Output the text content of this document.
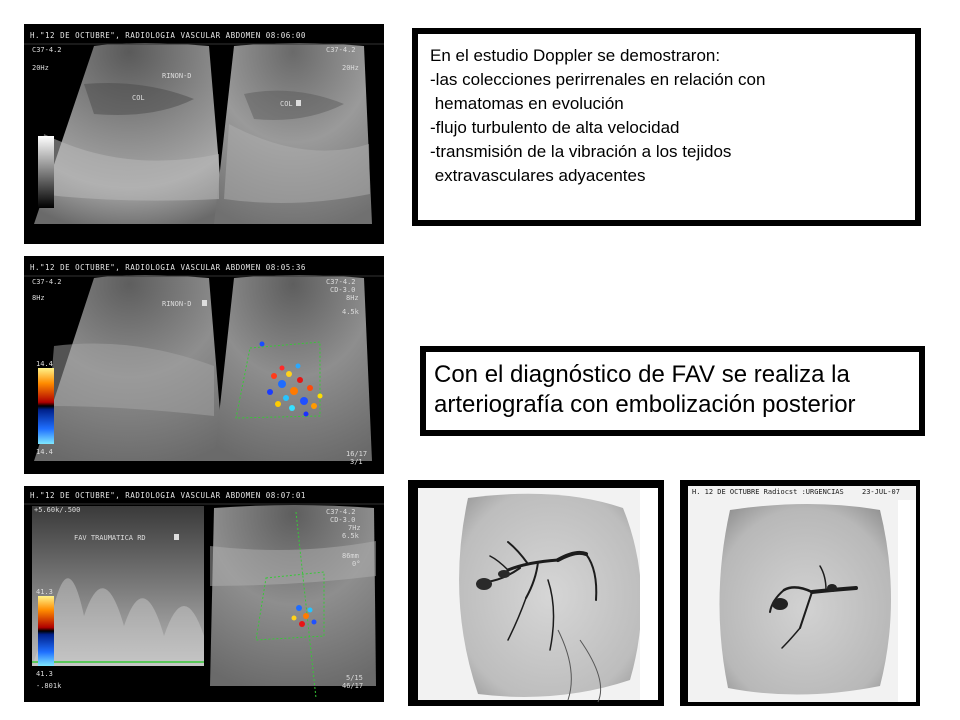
H."12 DE OCTUBRE", RADIOLOGIA VASCULAR ABDOMEN 08:06:00
C37-4.2
20Hz
C37-4.2
20Hz
RINON-D
COL
COL
H."12 DE OCTUBRE", RADIOLOGIA VASCULAR ABDOMEN 08:05:36
C37-4.2
8Hz
C37-4.2
CD-3.0
8Hz
4.5k
RINON-D
14.4
14.4	16/17
3/1
H."12 DE OCTUBRE", RADIOLOGIA VASCULAR ABDOMEN 08:07:01
+5.60k/.500
FAV TRAUMATICA RD
C37-4.2
CD-3.0
7Hz
6.5k
86mm
0°
41.3
41.3
-.801k
5/15
46/17
En el estudio Doppler se demostraron:
-las colecciones perirrenales en relación con
hematomas en evolución
-flujo turbulento de alta velocidad
-transmisión de la vibración a los tejidos
extravasculares adyacentes
Con el diagnóstico de FAV se realiza la
arteriografía con embolización posterior
H. 12 DE OCTUBRE Radiocst :URGENCIAS	23-JUL-07
